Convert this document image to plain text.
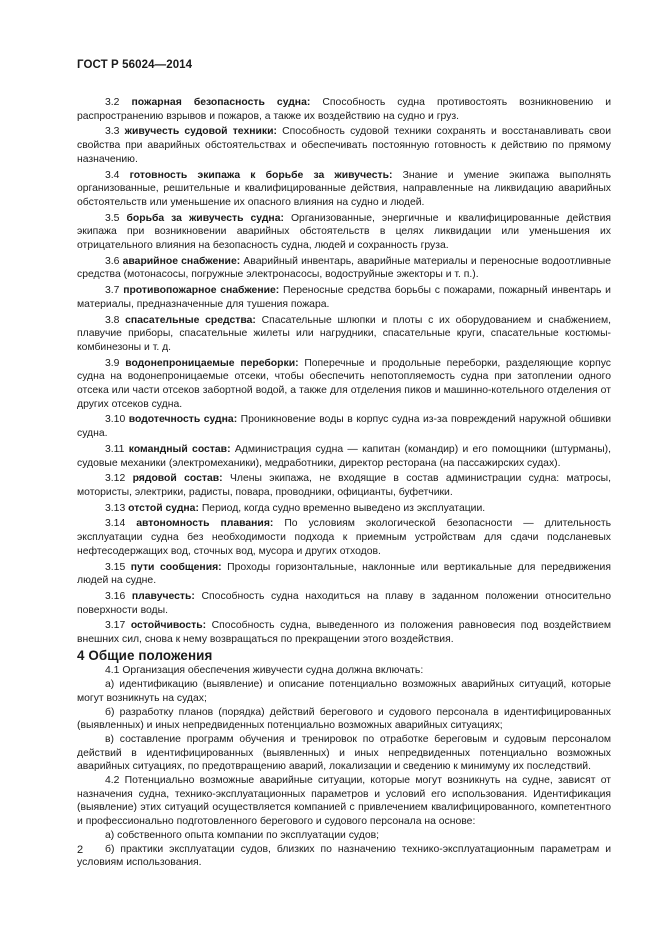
ГОСТ Р 56024—2014

3.2 пожарная безопасность судна: Способность судна противостоять возникновению и распространению взрывов и пожаров, а также их воздействию на судно и груз.

3.3 живучесть судовой техники: Способность судовой техники сохранять и восстанавливать свои свойства при аварийных обстоятельствах и обеспечивать постоянную готовность к действию по прямому назначению.

3.4 готовность экипажа к борьбе за живучесть: Знание и умение экипажа выполнять организованные, решительные и квалифицированные действия, направленные на ликвидацию аварийных обстоятельств или уменьшение их опасного влияния на судно и людей.

3.5 борьба за живучесть судна: Организованные, энергичные и квалифицированные действия экипажа при возникновении аварийных обстоятельств в целях ликвидации или уменьшения их отрицательного влияния на безопасность судна, людей и сохранность груза.

3.6 аварийное снабжение: Аварийный инвентарь, аварийные материалы и переносные водоотливные средства (мотонасосы, погружные электронасосы, водоструйные эжекторы и т. п.).

3.7 противопожарное снабжение: Переносные средства борьбы с пожарами, пожарный инвентарь и материалы, предназначенные для тушения пожара.

3.8 спасательные средства: Спасательные шлюпки и плоты с их оборудованием и снабжением, плавучие приборы, спасательные жилеты или нагрудники, спасательные круги, спасательные костюмы-комбинезоны и т. д.

3.9 водонепроницаемые переборки: Поперечные и продольные переборки, разделяющие корпус судна на водонепроницаемые отсеки, чтобы обеспечить непотопляемость судна при затоплении одного отсека или части отсеков забортной водой, а также для отделения пиков и машинно-котельного отделения от других отсеков судна.

3.10 водотечность судна: Проникновение воды в корпус судна из-за повреждений наружной обшивки судна.

3.11 командный состав: Администрация судна — капитан (командир) и его помощники (штурманы), судовые механики (электромеханики), медработники, директор ресторана (на пассажирских судах).

3.12 рядовой состав: Члены экипажа, не входящие в состав администрации судна: матросы, мотористы, электрики, радисты, повара, проводники, официанты, буфетчики.

3.13 отстой судна: Период, когда судно временно выведено из эксплуатации.

3.14 автономность плавания: По условиям экологической безопасности — длительность эксплуатации судна без необходимости подхода к приемным устройствам для сдачи подсланевых нефтесодержащих вод, сточных вод, мусора и других отходов.

3.15 пути сообщения: Проходы горизонтальные, наклонные или вертикальные для передвижения людей на судне.

3.16 плавучесть: Способность судна находиться на плаву в заданном положении относительно поверхности воды.

3.17 остойчивость: Способность судна, выведенного из положения равновесия под воздействием внешних сил, снова к нему возвращаться по прекращении этого воздействия.

4 Общие положения

4.1 Организация обеспечения живучести судна должна включать:

а) идентификацию (выявление) и описание потенциально возможных аварийных ситуаций, которые могут возникнуть на судах;

б) разработку планов (порядка) действий берегового и судового персонала в идентифицированных (выявленных) и иных непредвиденных потенциально возможных аварийных ситуациях;

в) составление программ обучения и тренировок по отработке береговым и судовым персоналом действий в идентифицированных (выявленных) и иных непредвиденных потенциально возможных аварийных ситуациях, по предотвращению аварий, локализации и сведению к минимуму их последствий.

4.2 Потенциально возможные аварийные ситуации, которые могут возникнуть на судне, зависят от назначения судна, технико-эксплуатационных параметров и условий его использования. Идентификация (выявление) этих ситуаций осуществляется компанией с привлечением квалифицированного, компетентного и профессионально подготовленного берегового и судового персонала на основе:

а) собственного опыта компании по эксплуатации судов;

б) практики эксплуатации судов, близких по назначению технико-эксплуатационным параметрам и условиям использования.

2
